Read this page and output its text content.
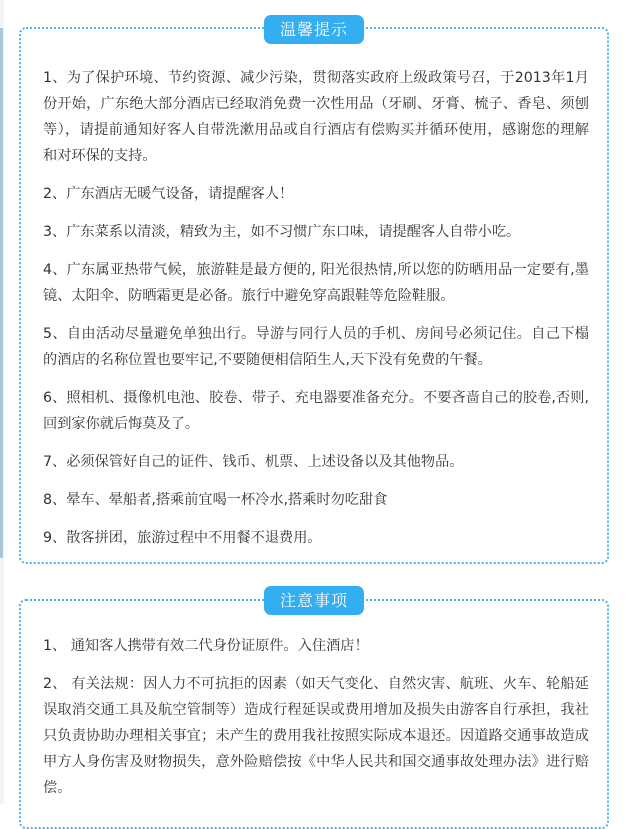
温馨提示
1、为了保护环境、节约资源、减少污染，贯彻落实政府上级政策号召，于2013年1月份开始，广东绝大部分酒店已经取消免费一次性用品（牙刷、牙膏、梳子、香皂、须刨等），请提前通知好客人自带洗漱用品或自行酒店有偿购买并循环使用，感谢您的理解和对环保的支持。
2、广东酒店无暖气设备，请提醒客人！
3、广东菜系以清淡，精致为主，如不习惯广东口味，请提醒客人自带小吃。
4、广东属亚热带气候，旅游鞋是最方便的, 阳光很热情,所以您的防晒用品一定要有,墨镜、太阳伞、防晒霜更是必备。旅行中避免穿高跟鞋等危险鞋服。
5、自由活动尽量避免单独出行。导游与同行人员的手机、房间号必须记住。自己下榻的酒店的名称位置也要牢记,不要随便相信陌生人,天下没有免费的午餐。
6、照相机、摄像机电池、胶卷、带子、充电器要准备充分。不要吝啬自己的胶卷,否则,回到家你就后悔莫及了。
7、必须保管好自己的证件、钱币、机票、上述设备以及其他物品。
8、晕车、晕船者,搭乘前宜喝一杯冷水,搭乘时勿吃甜食
9、散客拼团，旅游过程中不用餐不退费用。
注意事项
1、 通知客人携带有效二代身份证原件。入住酒店！
2、 有关法规：因人力不可抗拒的因素（如天气变化、自然灾害、航班、火车、轮船延误取消交通工具及航空管制等）造成行程延误或费用增加及损失由游客自行承担，我社只负责协助办理相关事宜；未产生的费用我社按照实际成本退还。因道路交通事故造成甲方人身伤害及财物损失，意外险赔偿按《中华人民共和国交通事故处理办法》进行赔偿。
